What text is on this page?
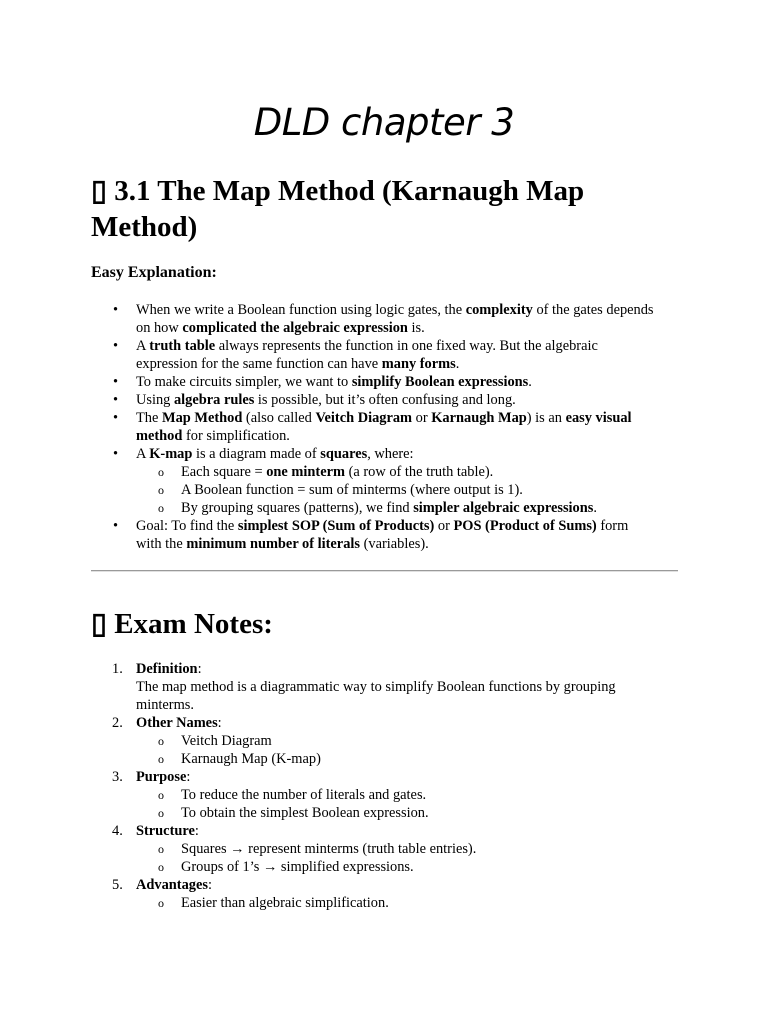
DLD chapter 3
▯ 3.1 The Map Method (Karnaugh Map
Method)

Easy Explanation:

• When we write a Boolean function using logic gates, the complexity of the gates depends
on how complicated the algebraic expression is.
• A truth table always represents the function in one fixed way. But the algebraic
expression for the same function can have many forms.
• To make circuits simpler, we want to simplify Boolean expressions.
• Using algebra rules is possible, but it’s often confusing and long.
• The Map Method (also called Veitch Diagram or Karnaugh Map) is an easy visual
method for simplification.
• A K-map is a diagram made of squares, where:
o Each square = one minterm (a row of the truth table).
o A Boolean function = sum of minterms (where output is 1).
o By grouping squares (patterns), we find simpler algebraic expressions.
• Goal: To find the simplest SOP (Sum of Products) or POS (Product of Sums) form
with the minimum number of literals (variables).
▯ Exam Notes:
1. Definition:
The map method is a diagrammatic way to simplify Boolean functions by grouping
minterms.
2. Other Names:
o Veitch Diagram
o Karnaugh Map (K-map)
3. Purpose:
o To reduce the number of literals and gates.
o To obtain the simplest Boolean expression.
4. Structure:
o Squares → represent minterms (truth table entries).
o Groups of 1’s → simplified expressions.
5. Advantages:
o Easier than algebraic simplification.
